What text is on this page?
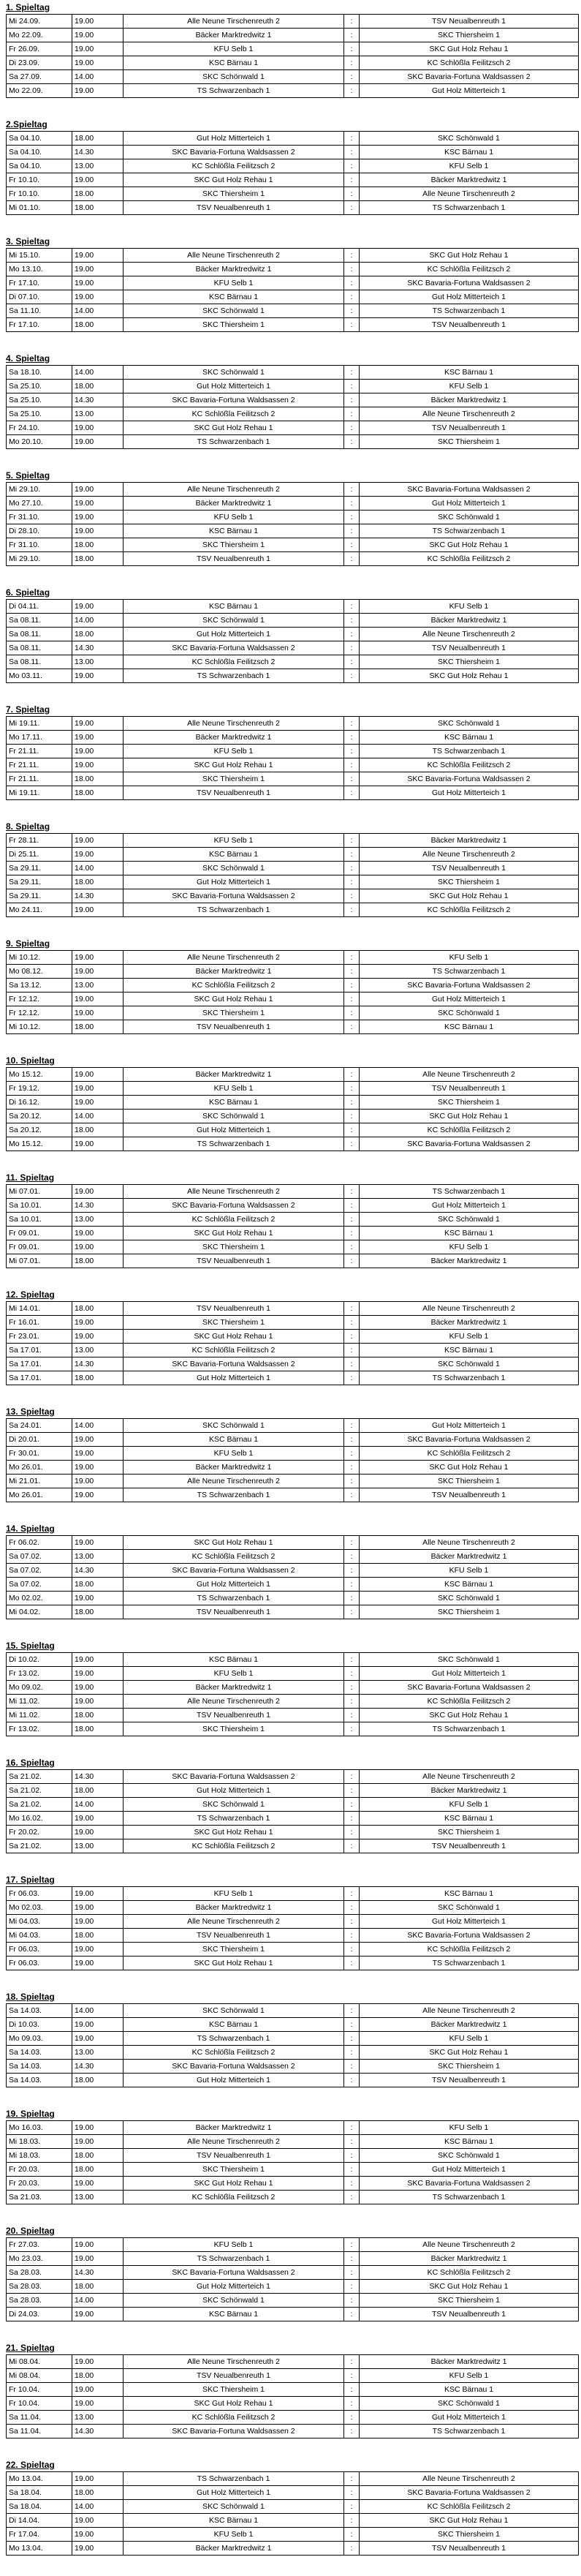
1. Spieltag
Mi 24.09.	19.00	Alle Neune Tirschenreuth 2	:	TSV Neualbenreuth 1
Mo 22.09.	19.00	Bäcker Marktredwitz 1	:	SKC Thiersheim 1
Fr 26.09.	19.00	KFU Selb 1	:	SKC Gut Holz Rehau 1
Di 23.09.	19.00	KSC Bärnau 1	:	KC Schlößla Feilitzsch 2
Sa 27.09.	14.00	SKC Schönwald 1	:	SKC Bavaria-Fortuna Waldsassen 2
Mo 22.09.	19.00	TS Schwarzenbach 1	:	Gut Holz Mitterteich 1
2.Spieltag
Sa 04.10.	18.00	Gut Holz Mitterteich 1	:	SKC Schönwald 1
Sa 04.10.	14.30	SKC Bavaria-Fortuna Waldsassen 2	:	KSC Bärnau 1
Sa 04.10.	13.00	KC Schlößla Feilitzsch 2	:	KFU Selb 1
Fr 10.10.	19.00	SKC Gut Holz Rehau 1	:	Bäcker Marktredwitz 1
Fr 10.10.	18.00	SKC Thiersheim 1	:	Alle Neune Tirschenreuth 2
Mi 01.10.	18.00	TSV Neualbenreuth 1	:	TS Schwarzenbach 1
3. Spieltag
Mi 15.10.	19.00	Alle Neune Tirschenreuth 2	:	SKC Gut Holz Rehau 1
Mo 13.10.	19.00	Bäcker Marktredwitz 1	:	KC Schlößla Feilitzsch 2
Fr 17.10.	19.00	KFU Selb 1	:	SKC Bavaria-Fortuna Waldsassen 2
Di 07.10.	19.00	KSC Bärnau 1	:	Gut Holz Mitterteich 1
Sa 11.10.	14.00	SKC Schönwald 1	:	TS Schwarzenbach 1
Fr 17.10.	18.00	SKC Thiersheim 1	:	TSV Neualbenreuth 1
4. Spieltag
Sa 18.10.	14.00	SKC Schönwald 1	:	KSC Bärnau 1
Sa 25.10.	18.00	Gut Holz Mitterteich 1	:	KFU Selb 1
Sa 25.10.	14.30	SKC Bavaria-Fortuna Waldsassen 2	:	Bäcker Marktredwitz 1
Sa 25.10.	13.00	KC Schlößla Feilitzsch 2	:	Alle Neune Tirschenreuth 2
Fr 24.10.	19.00	SKC Gut Holz Rehau 1	:	TSV Neualbenreuth 1
Mo 20.10.	19.00	TS Schwarzenbach 1	:	SKC Thiersheim 1
5. Spieltag
Mi 29.10.	19.00	Alle Neune Tirschenreuth 2	:	SKC Bavaria-Fortuna Waldsassen 2
Mo 27.10.	19.00	Bäcker Marktredwitz 1	:	Gut Holz Mitterteich 1
Fr 31.10.	19.00	KFU Selb 1	:	SKC Schönwald 1
Di 28.10.	19.00	KSC Bärnau 1	:	TS Schwarzenbach 1
Fr 31.10.	18.00	SKC Thiersheim 1	:	SKC Gut Holz Rehau 1
Mi 29.10.	18.00	TSV Neualbenreuth 1	:	KC Schlößla Feilitzsch 2
6. Spieltag
Di 04.11.	19.00	KSC Bärnau 1	:	KFU Selb 1
Sa 08.11.	14.00	SKC Schönwald 1	:	Bäcker Marktredwitz 1
Sa 08.11.	18.00	Gut Holz Mitterteich 1	:	Alle Neune Tirschenreuth 2
Sa 08.11.	14.30	SKC Bavaria-Fortuna Waldsassen 2	:	TSV Neualbenreuth 1
Sa 08.11.	13.00	KC Schlößla Feilitzsch 2	:	SKC Thiersheim 1
Mo 03.11.	19.00	TS Schwarzenbach 1	:	SKC Gut Holz Rehau 1
7. Spieltag
Mi 19.11.	19.00	Alle Neune Tirschenreuth 2	:	SKC Schönwald 1
Mo 17.11.	19.00	Bäcker Marktredwitz 1	:	KSC Bärnau 1
Fr 21.11.	19.00	KFU Selb 1	:	TS Schwarzenbach 1
Fr 21.11.	19.00	SKC Gut Holz Rehau 1	:	KC Schlößla Feilitzsch 2
Fr 21.11.	18.00	SKC Thiersheim 1	:	SKC Bavaria-Fortuna Waldsassen 2
Mi 19.11.	18.00	TSV Neualbenreuth 1	:	Gut Holz Mitterteich 1
8. Spieltag
Fr 28.11.	19.00	KFU Selb 1	:	Bäcker Marktredwitz 1
Di 25.11.	19.00	KSC Bärnau 1	:	Alle Neune Tirschenreuth 2
Sa 29.11.	14.00	SKC Schönwald 1	:	TSV Neualbenreuth 1
Sa 29.11.	18.00	Gut Holz Mitterteich 1	:	SKC Thiersheim 1
Sa 29.11.	14.30	SKC Bavaria-Fortuna Waldsassen 2	:	SKC Gut Holz Rehau 1
Mo 24.11.	19.00	TS Schwarzenbach 1	:	KC Schlößla Feilitzsch 2
9. Spieltag
Mi 10.12.	19.00	Alle Neune Tirschenreuth 2	:	KFU Selb 1
Mo 08.12.	19.00	Bäcker Marktredwitz 1	:	TS Schwarzenbach 1
Sa 13.12.	13.00	KC Schlößla Feilitzsch 2	:	SKC Bavaria-Fortuna Waldsassen 2
Fr 12.12.	19.00	SKC Gut Holz Rehau 1	:	Gut Holz Mitterteich 1
Fr 12.12.	19.00	SKC Thiersheim 1	:	SKC Schönwald 1
Mi 10.12.	18.00	TSV Neualbenreuth 1	:	KSC Bärnau 1
10. Spieltag
Mo 15.12.	19.00	Bäcker Marktredwitz 1	:	Alle Neune Tirschenreuth 2
Fr 19.12.	19.00	KFU Selb 1	:	TSV Neualbenreuth 1
Di 16.12.	19.00	KSC Bärnau 1	:	SKC Thiersheim 1
Sa 20.12.	14.00	SKC Schönwald 1	:	SKC Gut Holz Rehau 1
Sa 20.12.	18.00	Gut Holz Mitterteich 1	:	KC Schlößla Feilitzsch 2
Mo 15.12.	19.00	TS Schwarzenbach 1	:	SKC Bavaria-Fortuna Waldsassen 2
11. Spieltag
Mi 07.01.	19.00	Alle Neune Tirschenreuth 2	:	TS Schwarzenbach 1
Sa 10.01.	14.30	SKC Bavaria-Fortuna Waldsassen 2	:	Gut Holz Mitterteich 1
Sa 10.01.	13.00	KC Schlößla Feilitzsch 2	:	SKC Schönwald 1
Fr 09.01.	19.00	SKC Gut Holz Rehau 1	:	KSC Bärnau 1
Fr 09.01.	19.00	SKC Thiersheim 1	:	KFU Selb 1
Mi 07.01.	18.00	TSV Neualbenreuth 1	:	Bäcker Marktredwitz 1
12. Spieltag
Mi 14.01.	18.00	TSV Neualbenreuth 1	:	Alle Neune Tirschenreuth 2
Fr 16.01.	19.00	SKC Thiersheim 1	:	Bäcker Marktredwitz 1
Fr 23.01.	19.00	SKC Gut Holz Rehau 1	:	KFU Selb 1
Sa 17.01.	13.00	KC Schlößla Feilitzsch 2	:	KSC Bärnau 1
Sa 17.01.	14.30	SKC Bavaria-Fortuna Waldsassen 2	:	SKC Schönwald 1
Sa 17.01.	18.00	Gut Holz Mitterteich 1	:	TS Schwarzenbach 1
13. Spieltag
Sa 24.01.	14.00	SKC Schönwald 1	:	Gut Holz Mitterteich 1
Di 20.01.	19.00	KSC Bärnau 1	:	SKC Bavaria-Fortuna Waldsassen 2
Fr 30.01.	19.00	KFU Selb 1	:	KC Schlößla Feilitzsch 2
Mo 26.01.	19.00	Bäcker Marktredwitz 1	:	SKC Gut Holz Rehau 1
Mi 21.01.	19.00	Alle Neune Tirschenreuth 2	:	SKC Thiersheim 1
Mo 26.01.	19.00	TS Schwarzenbach 1	:	TSV Neualbenreuth 1
14. Spieltag
Fr 06.02.	19.00	SKC Gut Holz Rehau 1	:	Alle Neune Tirschenreuth 2
Sa 07.02.	13.00	KC Schlößla Feilitzsch 2	:	Bäcker Marktredwitz 1
Sa 07.02.	14.30	SKC Bavaria-Fortuna Waldsassen 2	:	KFU Selb 1
Sa 07.02.	18.00	Gut Holz Mitterteich 1	:	KSC Bärnau 1
Mo 02.02.	19.00	TS Schwarzenbach 1	:	SKC Schönwald 1
Mi 04.02.	18.00	TSV Neualbenreuth 1	:	SKC Thiersheim 1
15. Spieltag
Di 10.02.	19.00	KSC Bärnau 1	:	SKC Schönwald 1
Fr 13.02.	19.00	KFU Selb 1	:	Gut Holz Mitterteich 1
Mo 09.02.	19.00	Bäcker Marktredwitz 1	:	SKC Bavaria-Fortuna Waldsassen 2
Mi 11.02.	19.00	Alle Neune Tirschenreuth 2	:	KC Schlößla Feilitzsch 2
Mi 11.02.	18.00	TSV Neualbenreuth 1	:	SKC Gut Holz Rehau 1
Fr 13.02.	18.00	SKC Thiersheim 1	:	TS Schwarzenbach 1
16. Spieltag
Sa 21.02.	14.30	SKC Bavaria-Fortuna Waldsassen 2	:	Alle Neune Tirschenreuth 2
Sa 21.02.	18.00	Gut Holz Mitterteich 1	:	Bäcker Marktredwitz 1
Sa 21.02.	14.00	SKC Schönwald 1	:	KFU Selb 1
Mo 16.02.	19.00	TS Schwarzenbach 1	:	KSC Bärnau 1
Fr 20.02.	19.00	SKC Gut Holz Rehau 1	:	SKC Thiersheim 1
Sa 21.02.	13.00	KC Schlößla Feilitzsch 2	:	TSV Neualbenreuth 1
17. Spieltag
Fr 06.03.	19.00	KFU Selb 1	:	KSC Bärnau 1
Mo 02.03.	19.00	Bäcker Marktredwitz 1	:	SKC Schönwald 1
Mi 04.03.	19.00	Alle Neune Tirschenreuth 2	:	Gut Holz Mitterteich 1
Mi 04.03.	18.00	TSV Neualbenreuth 1	:	SKC Bavaria-Fortuna Waldsassen 2
Fr 06.03.	19.00	SKC Thiersheim 1	:	KC Schlößla Feilitzsch 2
Fr 06.03.	19.00	SKC Gut Holz Rehau 1	:	TS Schwarzenbach 1
18. Spieltag
Sa 14.03.	14.00	SKC Schönwald 1	:	Alle Neune Tirschenreuth 2
Di 10.03.	19.00	KSC Bärnau 1	:	Bäcker Marktredwitz 1
Mo 09.03.	19.00	TS Schwarzenbach 1	:	KFU Selb 1
Sa 14.03.	13.00	KC Schlößla Feilitzsch 2	:	SKC Gut Holz Rehau 1
Sa 14.03.	14.30	SKC Bavaria-Fortuna Waldsassen 2	:	SKC Thiersheim 1
Sa 14.03.	18.00	Gut Holz Mitterteich 1	:	TSV Neualbenreuth 1
19. Spieltag
Mo 16.03.	19.00	Bäcker Marktredwitz 1	:	KFU Selb 1
Mi 18.03.	19.00	Alle Neune Tirschenreuth 2	:	KSC Bärnau 1
Mi 18.03.	18.00	TSV Neualbenreuth 1	:	SKC Schönwald 1
Fr 20.03.	18.00	SKC Thiersheim 1	:	Gut Holz Mitterteich 1
Fr 20.03.	19.00	SKC Gut Holz Rehau 1	:	SKC Bavaria-Fortuna Waldsassen 2
Sa 21.03.	13.00	KC Schlößla Feilitzsch 2	:	TS Schwarzenbach 1
20. Spieltag
Fr 27.03.	19.00	KFU Selb 1	:	Alle Neune Tirschenreuth 2
Mo 23.03.	19.00	TS Schwarzenbach 1	:	Bäcker Marktredwitz 1
Sa 28.03.	14.30	SKC Bavaria-Fortuna Waldsassen 2	:	KC Schlößla Feilitzsch 2
Sa 28.03.	18.00	Gut Holz Mitterteich 1	:	SKC Gut Holz Rehau 1
Sa 28.03.	14.00	SKC Schönwald 1	:	SKC Thiersheim 1
Di 24.03.	19.00	KSC Bärnau 1	:	TSV Neualbenreuth 1
21. Spieltag
Mi 08.04.	19.00	Alle Neune Tirschenreuth 2	:	Bäcker Marktredwitz 1
Mi 08.04.	18.00	TSV Neualbenreuth 1	:	KFU Selb 1
Fr 10.04.	19.00	SKC Thiersheim 1	:	KSC Bärnau 1
Fr 10.04.	19.00	SKC Gut Holz Rehau 1	:	SKC Schönwald 1
Sa 11.04.	13.00	KC Schlößla Feilitzsch 2	:	Gut Holz Mitterteich 1
Sa 11.04.	14.30	SKC Bavaria-Fortuna Waldsassen 2	:	TS Schwarzenbach 1
22. Spieltag
Mo 13.04.	19.00	TS Schwarzenbach 1	:	Alle Neune Tirschenreuth 2
Sa 18.04.	18.00	Gut Holz Mitterteich 1	:	SKC Bavaria-Fortuna Waldsassen 2
Sa 18.04.	14.00	SKC Schönwald 1	:	KC Schlößla Feilitzsch 2
Di 14.04.	19.00	KSC Bärnau 1	:	SKC Gut Holz Rehau 1
Fr 17.04.	19.00	KFU Selb 1	:	SKC Thiersheim 1
Mo 13.04.	19.00	Bäcker Marktredwitz 1	:	TSV Neualbenreuth 1
